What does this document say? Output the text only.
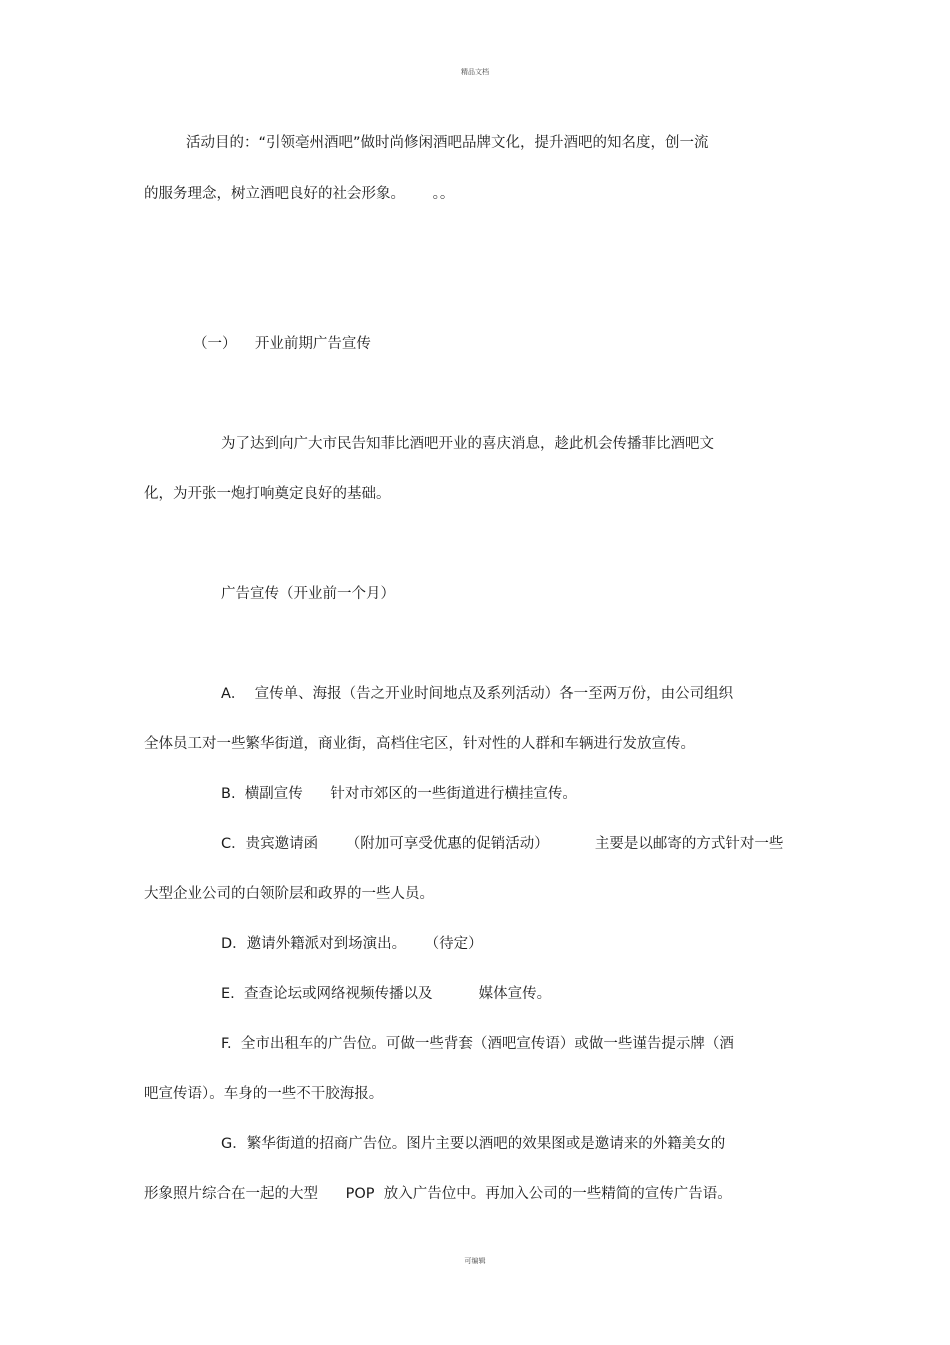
精品文档
活动目的：“引领亳州酒吧”做时尚修闲酒吧品牌文化，提升酒吧的知名度，创一流
的服务理念，树立酒吧良好的社会形象。      。。
（一）    开业前期广告宣传
为了达到向广大市民告知菲比酒吧开业的喜庆消息，趁此机会传播菲比酒吧文
化，为开张一炮打响奠定良好的基础。
广告宣传（开业前一个月）
A．  宣传单、海报（告之开业时间地点及系列活动）各一至两万份，由公司组织
全体员工对一些繁华街道，商业街，高档住宅区，针对性的人群和车辆进行发放宣传。
B.  横副宣传      针对市郊区的一些街道进行横挂宣传。
C．贵宾邀请函      （附加可享受优惠的促销活动）          主要是以邮寄的方式针对一些
大型企业公司的白领阶层和政界的一些人员。
D．邀请外籍派对到场演出。    （待定）
E.  查查论坛或网络视频传播以及          媒体宣传。
F.  全市出租车的广告位。可做一些背套（酒吧宣传语）或做一些谨告提示牌（酒
吧宣传语）。车身的一些不干胶海报。
G．繁华街道的招商广告位。图片主要以酒吧的效果图或是邀请来的外籍美女的
形象照片综合在一起的大型      POP  放入广告位中。再加入公司的一些精简的宣传广告语。
可编辑
